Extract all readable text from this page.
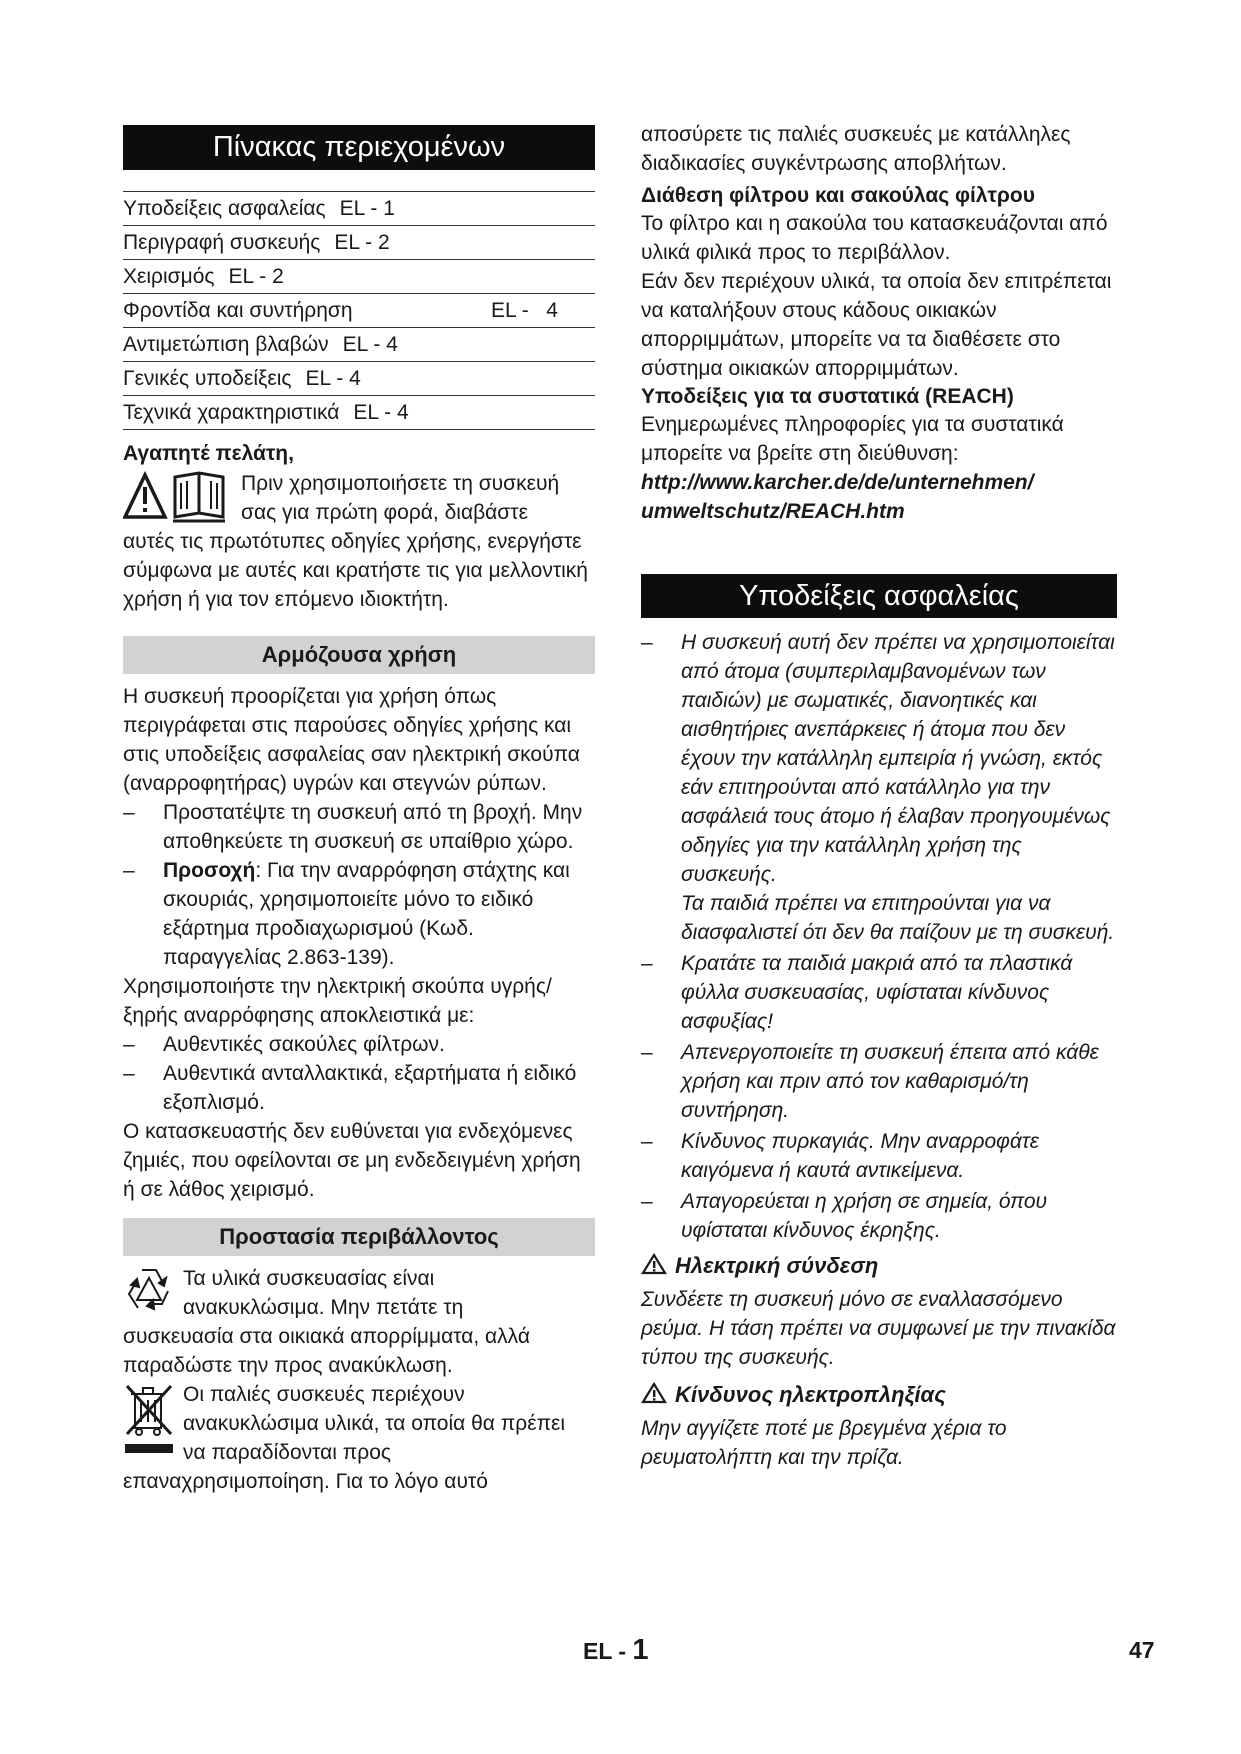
Πίνακας περιεχομένων
Υποδείξεις ασφαλείας EL - 1
Περιγραφή συσκευής EL - 2
Χειρισμός EL - 2
Φροντίδα και συντήρηση	EL -   4
Αντιμετώπιση βλαβών EL - 4
Γενικές υποδείξεις EL - 4
Τεχνικά χαρακτηριστικά EL - 4
Αγαπητέ πελάτη,

Πριν χρησιμοποιήσετε τη συσκευή

σας για πρώτη φορά, διαβάστε

αυτές τις πρωτότυπες οδηγίες χρήσης, ενεργήστε σύμφωνα με αυτές και κρατήστε τις για μελλοντική χρήση ή για τον επόμενο ιδιοκτήτη.

Αρμόζουσα χρήση

Η συσκευή προορίζεται για χρήση όπως περιγράφεται στις παρούσες οδηγίες χρήσης και στις υποδείξεις ασφαλείας σαν ηλεκτρική σκούπα (αναρροφητήρας) υγρών και στεγνών ρύπων.

– Προστατέψτε τη συσκευή από τη βροχή. Μην αποθηκεύετε τη συσκευή σε υπαίθριο χώρο.
– Προσοχή: Για την αναρρόφηση στάχτης και σκουριάς, χρησιμοποιείτε μόνο το ειδικό εξάρτημα προδιαχωρισμού (Κωδ. παραγγελίας 2.863-139).

Χρησιμοποιήστε την ηλεκτρική σκούπα υγρής/ξηρής αναρρόφησης αποκλειστικά με:

– Αυθεντικές σακούλες φίλτρων.
– Αυθεντικά ανταλλακτικά, εξαρτήματα ή ειδικό εξοπλισμό.

Ο κατασκευαστής δεν ευθύνεται για ενδεχόμενες ζημιές, που οφείλονται σε μη ενδεδειγμένη χρήση ή σε λάθος χειρισμό.

Προστασία περιβάλλοντος

Τα υλικά συσκευασίας είναι

ανακυκλώσιμα. Μην πετάτε τη

συσκευασία στα οικιακά απορρίμματα, αλλά παραδώστε την προς ανακύκλωση.

Οι παλιές συσκευές περιέχουν

ανακυκλώσιμα υλικά, τα οποία θα πρέπει

να παραδίδονται προς

επαναχρησιμοποίηση. Για το λόγο αυτό

αποσύρετε τις παλιές συσκευές με κατάλληλες διαδικασίες συγκέντρωσης αποβλήτων.

Διάθεση φίλτρου και σακούλας φίλτρου

Το φίλτρο και η σακούλα του κατασκευάζονται από υλικά φιλικά προς το περιβάλλον.

Εάν δεν περιέχουν υλικά, τα οποία δεν επιτρέπεται να καταλήξουν στους κάδους οικιακών απορριμμάτων, μπορείτε να τα διαθέσετε στο σύστημα οικιακών απορριμμάτων.

Υποδείξεις για τα συστατικά (REACH)

Ενημερωμένες πληροφορίες για τα συστατικά μπορείτε να βρείτε στη διεύθυνση:

http://www.karcher.de/de/unternehmen/
umweltschutz/REACH.htm
Υποδείξεις ασφαλείας
– Η συσκευή αυτή δεν πρέπει να χρησιμοποιείται από άτομα (συμπεριλαμβανομένων των παιδιών) με σωματικές, διανοητικές και αισθητήριες ανεπάρκειες ή άτομα που δεν έχουν την κατάλληλη εμπειρία ή γνώση, εκτός εάν επιτηρούνται από κατάλληλο για την ασφάλειά τους άτομο ή έλαβαν προηγουμένως οδηγίες για την κατάλληλη χρήση της συσκευής.
Τα παιδιά πρέπει να επιτηρούνται για να διασφαλιστεί ότι δεν θα παίζουν με τη συσκευή.
– Κρατάτε τα παιδιά μακριά από τα πλαστικά φύλλα συσκευασίας, υφίσταται κίνδυνος ασφυξίας!
– Απενεργοποιείτε τη συσκευή έπειτα από κάθε χρήση και πριν από τον καθαρισμό/τη συντήρηση.
– Κίνδυνος πυρκαγιάς. Μην αναρροφάτε καιγόμενα ή καυτά αντικείμενα.
– Απαγορεύεται η χρήση σε σημεία, όπου υφίσταται κίνδυνος έκρηξης.
Ηλεκτρική σύνδεση

Συνδέετε τη συσκευή μόνο σε εναλλασσόμενο ρεύμα. Η τάση πρέπει να συμφωνεί με την πινακίδα τύπου της συσκευής.

Κίνδυνος ηλεκτροπληξίας

Μην αγγίζετε ποτέ με βρεγμένα χέρια το ρευματολήπτη και την πρίζα.

EL - 1	47
